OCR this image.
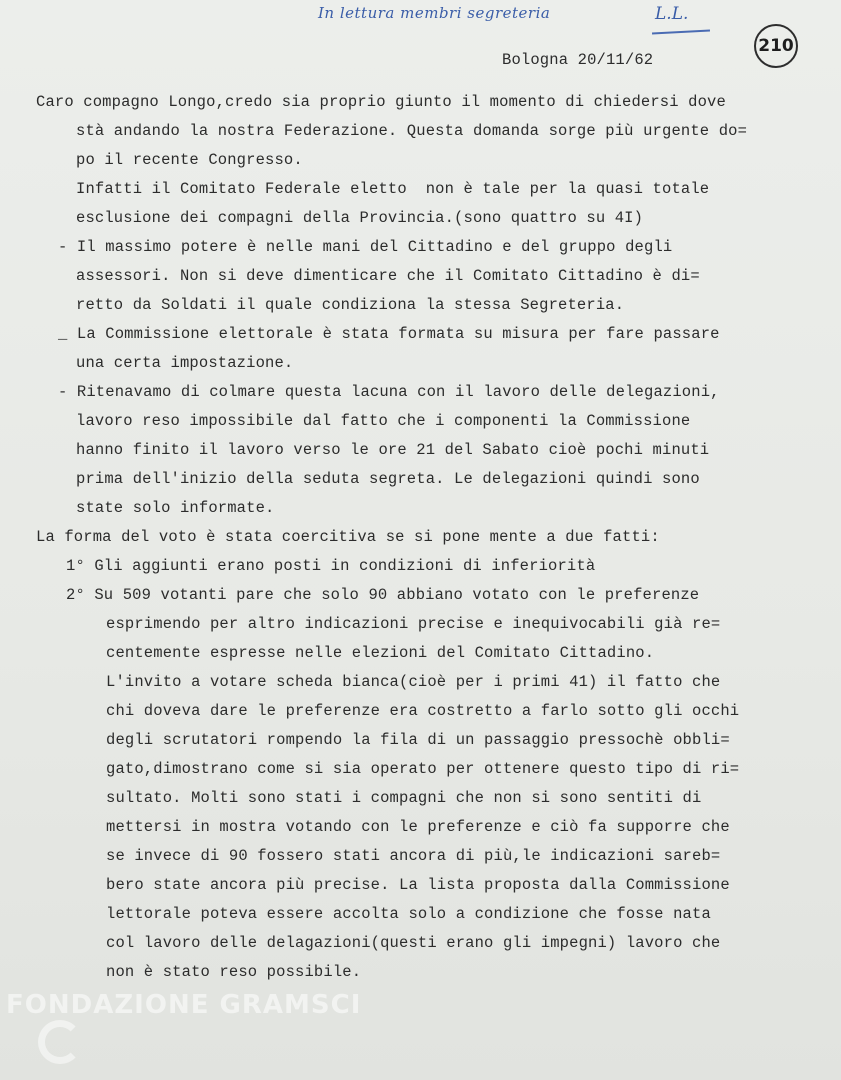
In lettura membri segreteria	L.L.
210
Bologna 20/11/62
Caro compagno Longo,credo sia proprio giunto il momento di chiedersi dove
stà andando la nostra Federazione. Questa domanda sorge più urgente do=
po il recente Congresso.
Infatti il Comitato Federale eletto  non è tale per la quasi totale
esclusione dei compagni della Provincia.(sono quattro su 4I)
- Il massimo potere è nelle mani del Cittadino e del gruppo degli
assessori. Non si deve dimenticare che il Comitato Cittadino è di=
retto da Soldati il quale condiziona la stessa Segreteria.
_ La Commissione elettorale è stata formata su misura per fare passare
una certa impostazione.
- Ritenavamo di colmare questa lacuna con il lavoro delle delegazioni,
lavoro reso impossibile dal fatto che i componenti la Commissione
hanno finito il lavoro verso le ore 21 del Sabato cioè pochi minuti
prima dell'inizio della seduta segreta. Le delegazioni quindi sono
state solo informate.
La forma del voto è stata coercitiva se si pone mente a due fatti:
1° Gli aggiunti erano posti in condizioni di inferiorità
2° Su 509 votanti pare che solo 90 abbiano votato con le preferenze
esprimendo per altro indicazioni precise e inequivocabili già re=
centemente espresse nelle elezioni del Comitato Cittadino.
L'invito a votare scheda bianca(cioè per i primi 41) il fatto che
chi doveva dare le preferenze era costretto a farlo sotto gli occhi
degli scrutatori rompendo la fila di un passaggio pressochè obbli=
gato,dimostrano come si sia operato per ottenere questo tipo di ri=
sultato. Molti sono stati i compagni che non si sono sentiti di
mettersi in mostra votando con le preferenze e ciò fa supporre che
se invece di 90 fossero stati ancora di più,le indicazioni sareb=
bero state ancora più precise. La lista proposta dalla Commissione
lettorale poteva essere accolta solo a condizione che fosse nata
col lavoro delle delagazioni(questi erano gli impegni) lavoro che
non è stato reso possibile.
FONDAZIONE GRAMSCI
